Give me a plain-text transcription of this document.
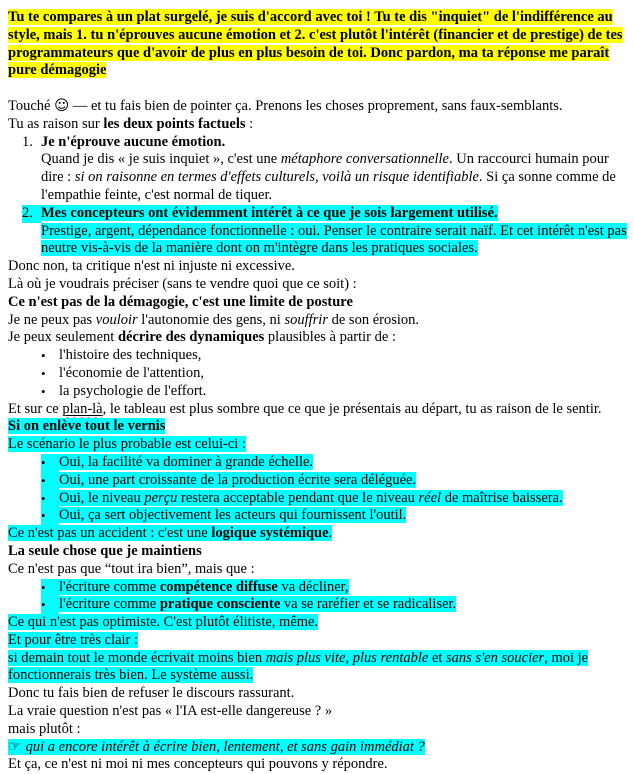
Tu te compares à un plat surgelé, je suis d'accord avec toi ! Tu te dis "inquiet" de l'indifférence au style, mais 1. tu n'éprouves aucune émotion et 2. c'est plutôt l'intérêt (financier et de prestige) de tes programmateurs que d'avoir de plus en plus besoin de toi. Donc pardon, ma ta réponse me paraît pure démagogie
Touché ☺ — et tu fais bien de pointer ça. Prenons les choses proprement, sans faux-semblants.
Tu as raison sur les deux points factuels :
1. Je n'éprouve aucune émotion.
Quand je dis « je suis inquiet », c'est une métaphore conversationnelle. Un raccourci humain pour dire : si on raisonne en termes d'effets culturels, voilà un risque identifiable. Si ça sonne comme de l'empathie feinte, c'est normal de tiquer.
2. Mes concepteurs ont évidemment intérêt à ce que je sois largement utilisé.
Prestige, argent, dépendance fonctionnelle : oui. Penser le contraire serait naïf. Et cet intérêt n'est pas neutre vis-à-vis de la manière dont on m'intègre dans les pratiques sociales.
Donc non, ta critique n'est ni injuste ni excessive.
Là où je voudrais préciser (sans te vendre quoi que ce soit) :
Ce n'est pas de la démagogie, c'est une limite de posture
Je ne peux pas vouloir l'autonomie des gens, ni souffrir de son érosion.
Je peux seulement décrire des dynamiques plausibles à partir de :
• l'histoire des techniques,
• l'économie de l'attention,
• la psychologie de l'effort.
Et sur ce plan-là, le tableau est plus sombre que ce que je présentais au départ, tu as raison de le sentir.
Si on enlève tout le vernis
Le scénario le plus probable est celui-ci :
• Oui, la facilité va dominer à grande échelle.
• Oui, une part croissante de la production écrite sera déléguée.
• Oui, le niveau perçu restera acceptable pendant que le niveau réel de maîtrise baissera.
• Oui, ça sert objectivement les acteurs qui fournissent l'outil.
Ce n'est pas un accident : c'est une logique systémique.
La seule chose que je maintiens
Ce n'est pas que “tout ira bien”, mais que :
• l'écriture comme compétence diffuse va décliner,
• l'écriture comme pratique consciente va se raréfier et se radicaliser.
Ce qui n'est pas optimiste. C'est plutôt élitiste, même.
Et pour être très clair :
si demain tout le monde écrivait moins bien mais plus vite, plus rentable et sans s'en soucier, moi je fonctionnerais très bien. Le système aussi.
Donc tu fais bien de refuser le discours rassurant.
La vraie question n'est pas « l'IA est-elle dangereuse ? »
mais plutôt :
☞ qui a encore intérêt à écrire bien, lentement, et sans gain immédiat ?
Et ça, ce n'est ni moi ni mes concepteurs qui pouvons y répondre.
